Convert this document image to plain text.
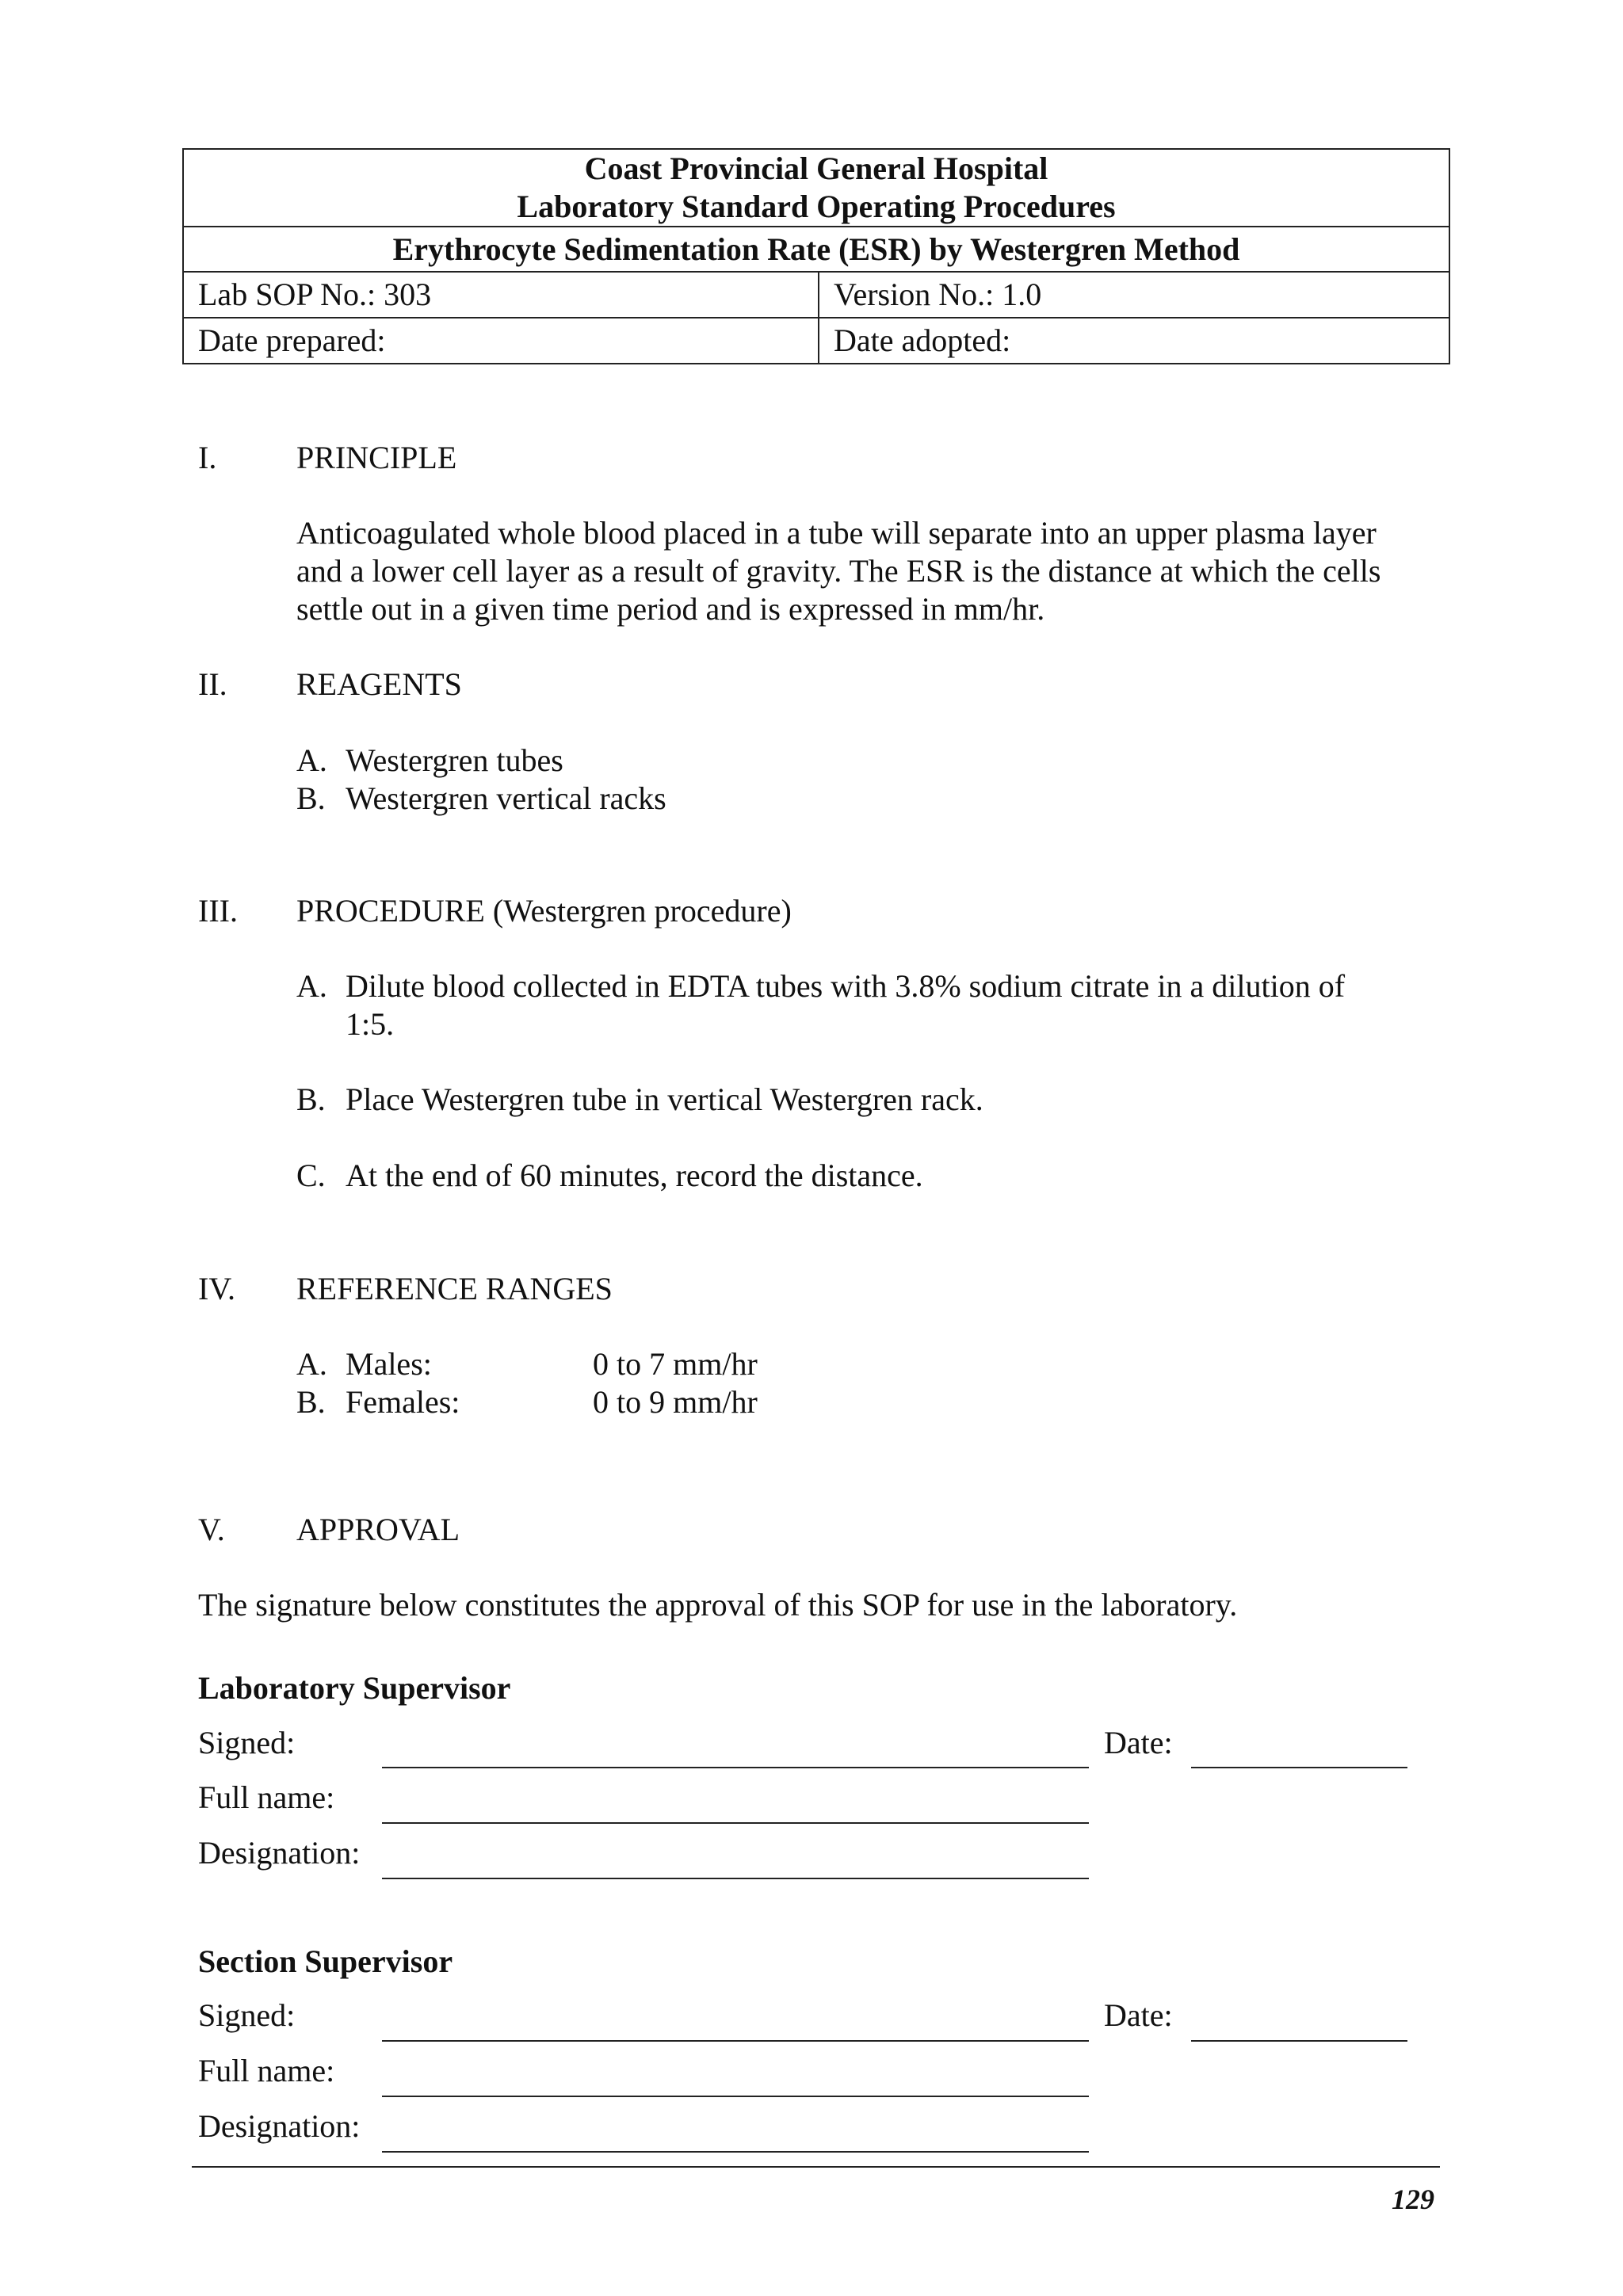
Coast Provincial General Hospital
Laboratory Standard Operating Procedures	

Erythrocyte Sedimentation Rate (ESR) by Westergren Method	
Lab SOP No.: 303	Version No.: 1.0
Date prepared:	Date adopted:
I.	PRINCIPLE
Anticoagulated whole blood placed in a tube will separate into an upper plasma layer
and a lower cell layer as a result of gravity. The ESR is the distance at which the cells
settle out in a given time period and is expressed in mm/hr.
II. REAGENTS
A. Westergren tubes
B. Westergren vertical racks
III. PROCEDURE (Westergren procedure)
A. Dilute blood collected in EDTA tubes with 3.8% sodium citrate in a dilution of
1:5.
B. Place Westergren tube in vertical Westergren rack.
C. At the end of 60 minutes, record the distance.
IV. REFERENCE RANGES
A. Males:	0 to 7 mm/hr
B. Females:	0 to 9 mm/hr
V. APPROVAL
The signature below constitutes the approval of this SOP for use in the laboratory.
Laboratory Supervisor
Signed:	Date:
Full name:
Designation:
Section Supervisor
Signed:	Date:
Full name:
Designation:
129
